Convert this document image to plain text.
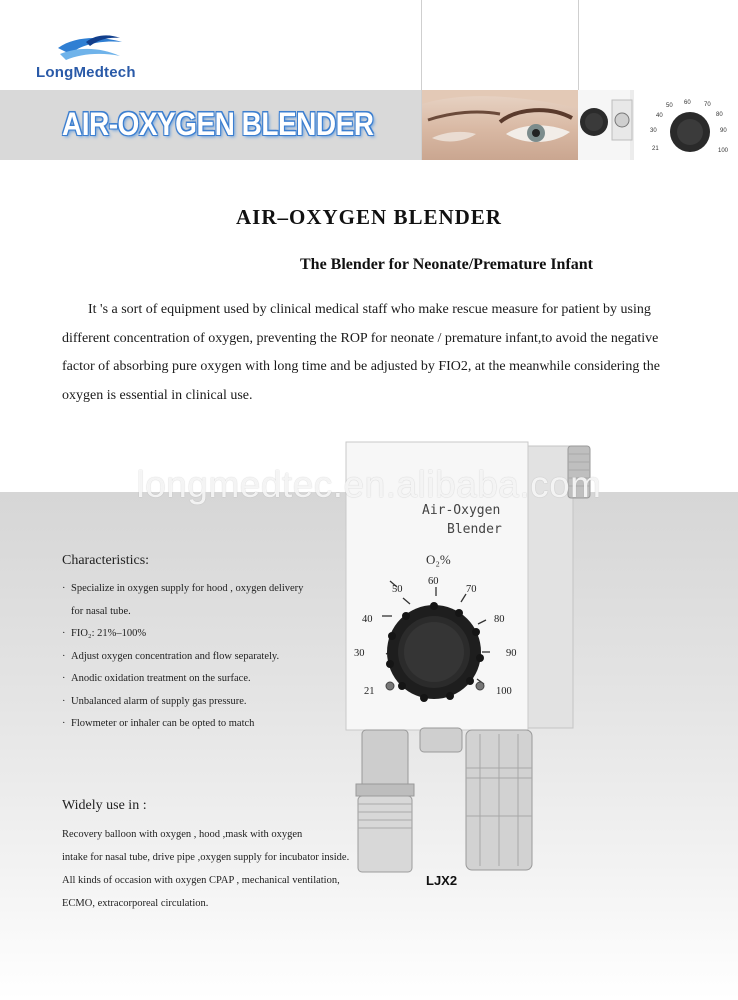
LongMedtech
AIR-OXYGEN BLENDER
60 70
50
80
40
90
30
100
21
AIR–OXYGEN BLENDER
The Blender for Neonate/Premature Infant
It 's a sort of equipment used by clinical medical staff who make rescue measure for patient by using different concentration of oxygen, preventing the ROP for neonate / premature infant,to avoid the negative factor of absorbing pure oxygen with long time and be adjusted by FIO2, at the meanwhile considering the oxygen is essential in clinical use.
Air-Oxygen
Blender
O₂%
21
30
40
50
60
70
80
90
100
longmedtec.en.alibaba.com
Characteristics:
· Specialize in oxygen supply for hood , oxygen delivery
for nasal tube.
· FIO₂: 21%–100%
· Adjust oxygen concentration and flow separately.
· Anodic oxidation treatment on the surface.
· Unbalanced alarm of supply gas pressure.
· Flowmeter or inhaler can be opted to match
Widely use in :
Recovery balloon with oxygen , hood ,mask with oxygen
intake for nasal tube, drive pipe ,oxygen supply for incubator inside.
All kinds of occasion with oxygen CPAP , mechanical ventilation,
ECMO, extracorporeal circulation.
LJX2
